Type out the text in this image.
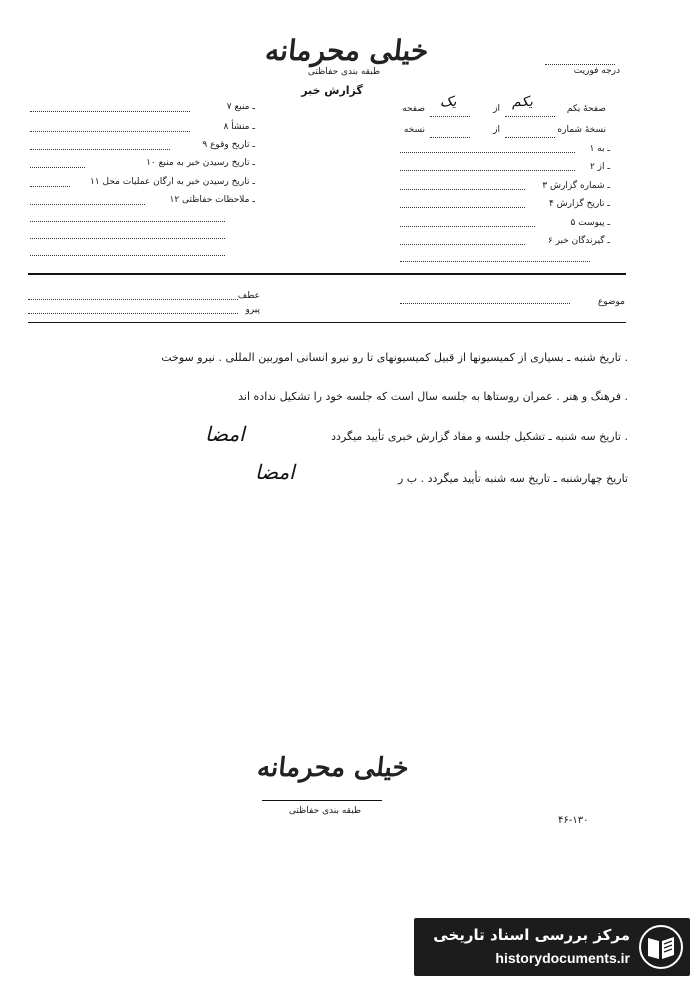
خیلی محرمانه
طبقه بندی حفاظتی
گزارش خبر
درجه فوریت
صفحهٔ یکم
از
صفحه	یکم
یک
نسخهٔ شماره
از
نسخه
۱ ـ به
۲ ـ از
۳ ـ شماره گزارش
۴ ـ تاریخ گزارش
۵ ـ پیوست
۶ ـ گیرندگان خبر
۷ ـ منبع
۸ ـ منشأ
۹ ـ تاریخ وقوع
۱۰ ـ تاریخ رسیدن خبر به منبع
۱۱ ـ تاریخ رسیدن خبر به ارگان عملیات محل
۱۲ ـ ملاحظات حفاظتی
موضوع
عطف
پیرو
تاریخ شنبه ـ بسیاری از کمیسیونها از قبیل کمیسیونهای تا رو نیرو انسانی اموربین المللی . نیرو سوخت .
فرهنگ و هنر . عمران روستاها به جلسه سال است که جلسه خود را تشکیل نداده اند .
تاریخ سه شنبه ـ تشکیل جلسه و مفاد گزارش خبری تأیید میگردد .
امضا
تاریخ چهارشنبه ـ تاریخ سه شنبه تأیید میگردد . ب ر
امضا
خیلی محرمانه
طبقه بندی حفاظتی
۴۶-۱۳۰
مرکز بررسی اسناد تاریخی
historydocuments.ir
